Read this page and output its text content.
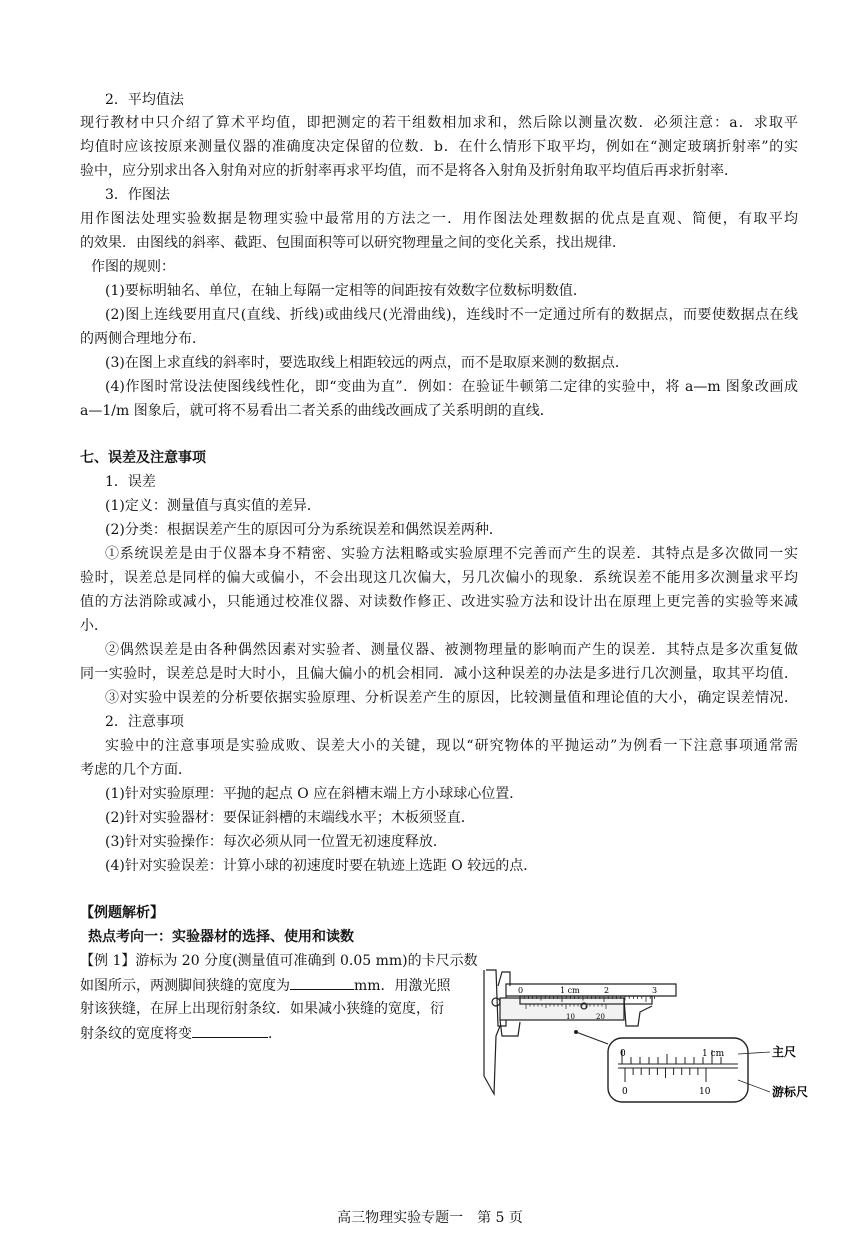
2．平均值法
现行教材中只介绍了算术平均值，即把测定的若干组数相加求和，然后除以测量次数．必须注意：a．求取平
均值时应该按原来测量仪器的准确度决定保留的位数．b．在什么情形下取平均，例如在“测定玻璃折射率”的实
验中，应分别求出各入射角对应的折射率再求平均值，而不是将各入射角及折射角取平均值后再求折射率．
3．作图法
用作图法处理实验数据是物理实验中最常用的方法之一．用作图法处理数据的优点是直观、简便，有取平均
的效果．由图线的斜率、截距、包围面积等可以研究物理量之间的变化关系，找出规律．
作图的规则：
(1)要标明轴名、单位，在轴上每隔一定相等的间距按有效数字位数标明数值．
(2)图上连线要用直尺(直线、折线)或曲线尺(光滑曲线)，连线时不一定通过所有的数据点，而要使数据点在线
的两侧合理地分布．
(3)在图上求直线的斜率时，要选取线上相距较远的两点，而不是取原来测的数据点．
(4)作图时常设法使图线线性化，即“变曲为直”．例如：在验证牛顿第二定律的实验中，将 a—m 图象改画成
a—1/m 图象后，就可将不易看出二者关系的曲线改画成了关系明朗的直线．
七、误差及注意事项
1．误差
(1)定义：测量值与真实值的差异．
(2)分类：根据误差产生的原因可分为系统误差和偶然误差两种．
①系统误差是由于仪器本身不精密、实验方法粗略或实验原理不完善而产生的误差．其特点是多次做同一实
验时，误差总是同样的偏大或偏小，不会出现这几次偏大，另几次偏小的现象．系统误差不能用多次测量求平均
值的方法消除或减小，只能通过校准仪器、对读数作修正、改进实验方法和设计出在原理上更完善的实验等来减
小．
②偶然误差是由各种偶然因素对实验者、测量仪器、被测物理量的影响而产生的误差．其特点是多次重复做
同一实验时，误差总是时大时小，且偏大偏小的机会相同．减小这种误差的办法是多进行几次测量，取其平均值．
③对实验中误差的分析要依据实验原理、分析误差产生的原因，比较测量值和理论值的大小，确定误差情况．
2．注意事项
实验中的注意事项是实验成败、误差大小的关键，现以“研究物体的平抛运动”为例看一下注意事项通常需
考虑的几个方面．
(1)针对实验原理：平抛的起点 O 应在斜槽末端上方小球球心位置．
(2)针对实验器材：要保证斜槽的末端线水平；木板须竖直．
(3)针对实验操作：每次必须从同一位置无初速度释放．
(4)针对实验误差：计算小球的初速度时要在轨迹上选距 O 较远的点．
【例题解析】
热点考向一：实验器材的选择、使用和读数
【例 1】游标为 20 分度(测量值可准确到 0.05 mm)的卡尺示数
如图所示，两测脚间狭缝的宽度为	mm．用激光照
射该狭缝，在屏上出现衍射条纹．如果减小狭缝的宽度，衍
射条纹的宽度将变	．
0	1 cm	2	3
10	20
0	1 cm
0	10
主尺
游标尺
高三物理实验专题一　第 5 页
